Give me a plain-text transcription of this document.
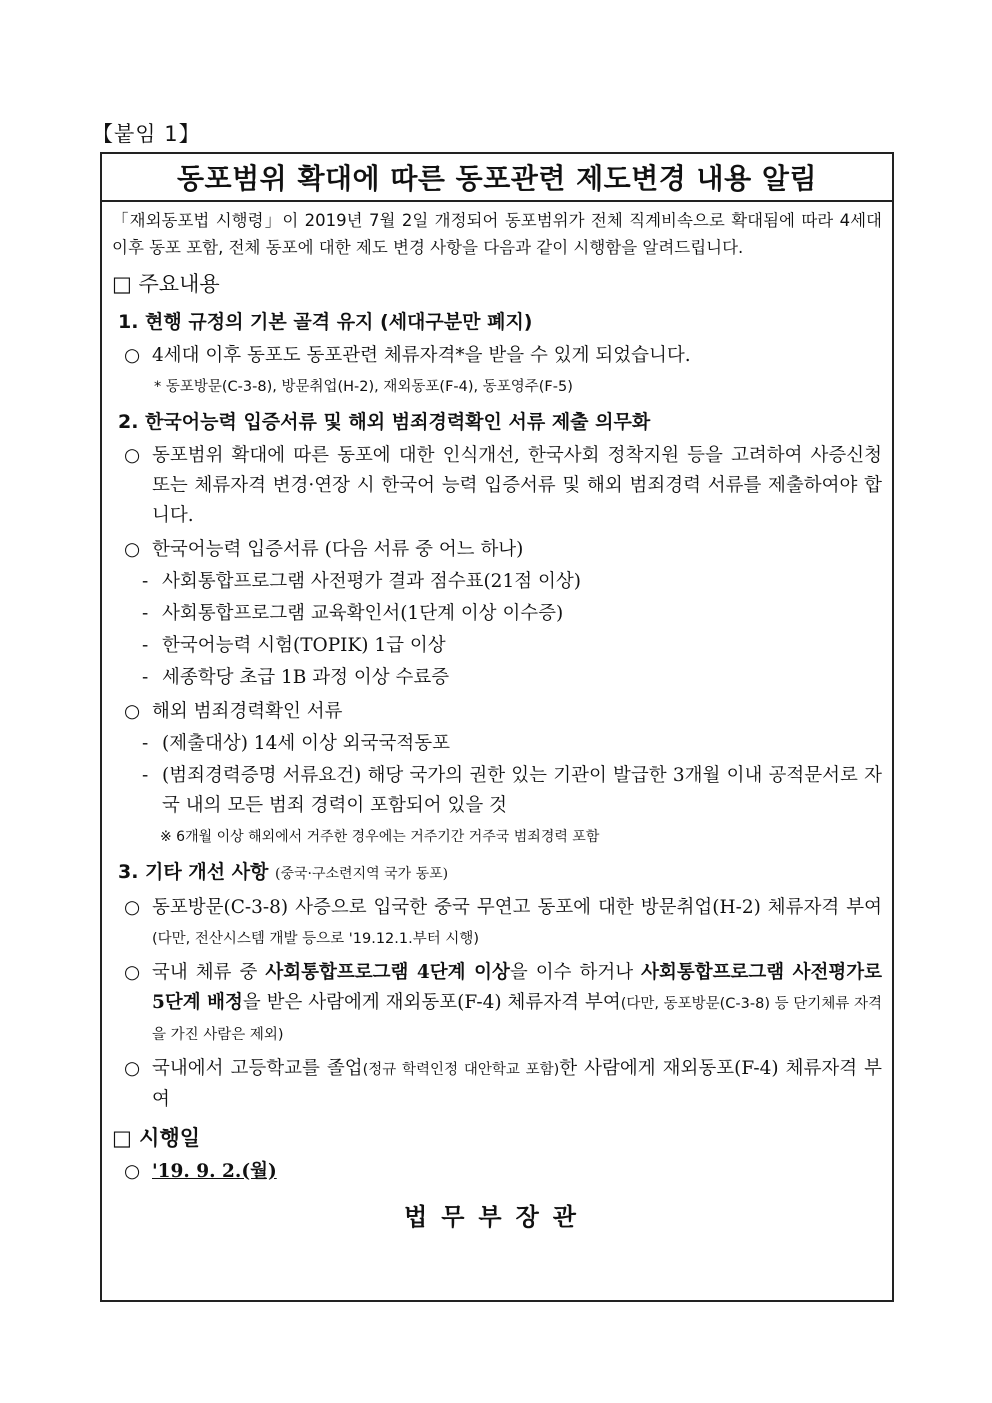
【붙임 1】
동포범위 확대에 따른 동포관련 제도변경 내용 알림
「재외동포법 시행령」이 2019년 7월 2일 개정되어 동포범위가 전체 직계비속으로 확대됨에 따라 4세대 이후 동포 포함, 전체 동포에 대한 제도 변경 사항을 다음과 같이 시행함을 알려드립니다.
□ 주요내용
1. 현행 규정의 기본 골격 유지 (세대구분만 폐지)
○ 4세대 이후 동포도 동포관련 체류자격*을 받을 수 있게 되었습니다.
* 동포방문(C-3-8), 방문취업(H-2), 재외동포(F-4), 동포영주(F-5)
2. 한국어능력 입증서류 및 해외 범죄경력확인 서류 제출 의무화
○ 동포범위 확대에 따른 동포에 대한 인식개선, 한국사회 정착지원 등을 고려하여 사증신청 또는 체류자격 변경·연장 시 한국어 능력 입증서류 및 해외 범죄경력 서류를 제출하여야 합니다.
○ 한국어능력 입증서류 (다음 서류 중 어느 하나)
- 사회통합프로그램 사전평가 결과 점수표(21점 이상)
- 사회통합프로그램 교육확인서(1단계 이상 이수증)
- 한국어능력 시험(TOPIK) 1급 이상
- 세종학당 초급 1B 과정 이상 수료증
○ 해외 범죄경력확인 서류
- (제출대상) 14세 이상 외국국적동포
- (범죄경력증명 서류요건) 해당 국가의 권한 있는 기관이 발급한 3개월 이내 공적문서로 자국 내의 모든 범죄 경력이 포함되어 있을 것
※ 6개월 이상 해외에서 거주한 경우에는 거주기간 거주국 범죄경력 포함
3. 기타 개선 사항 (중국·구소련지역 국가 동포)
○ 동포방문(C-3-8) 사증으로 입국한 중국 무연고 동포에 대한 방문취업(H-2) 체류자격 부여(다만, 전산시스템 개발 등으로 '19.12.1.부터 시행)
○ 국내 체류 중 사회통합프로그램 4단계 이상을 이수 하거나 사회통합프로그램 사전평가로 5단계 배정을 받은 사람에게 재외동포(F-4) 체류자격 부여(다만, 동포방문(C-3-8) 등 단기체류 자격을 가진 사람은 제외)
○ 국내에서 고등학교를 졸업(정규 학력인정 대안학교 포함)한 사람에게 재외동포(F-4) 체류자격 부여
□ 시행일
○ '19. 9. 2.(월)
법무부장관
